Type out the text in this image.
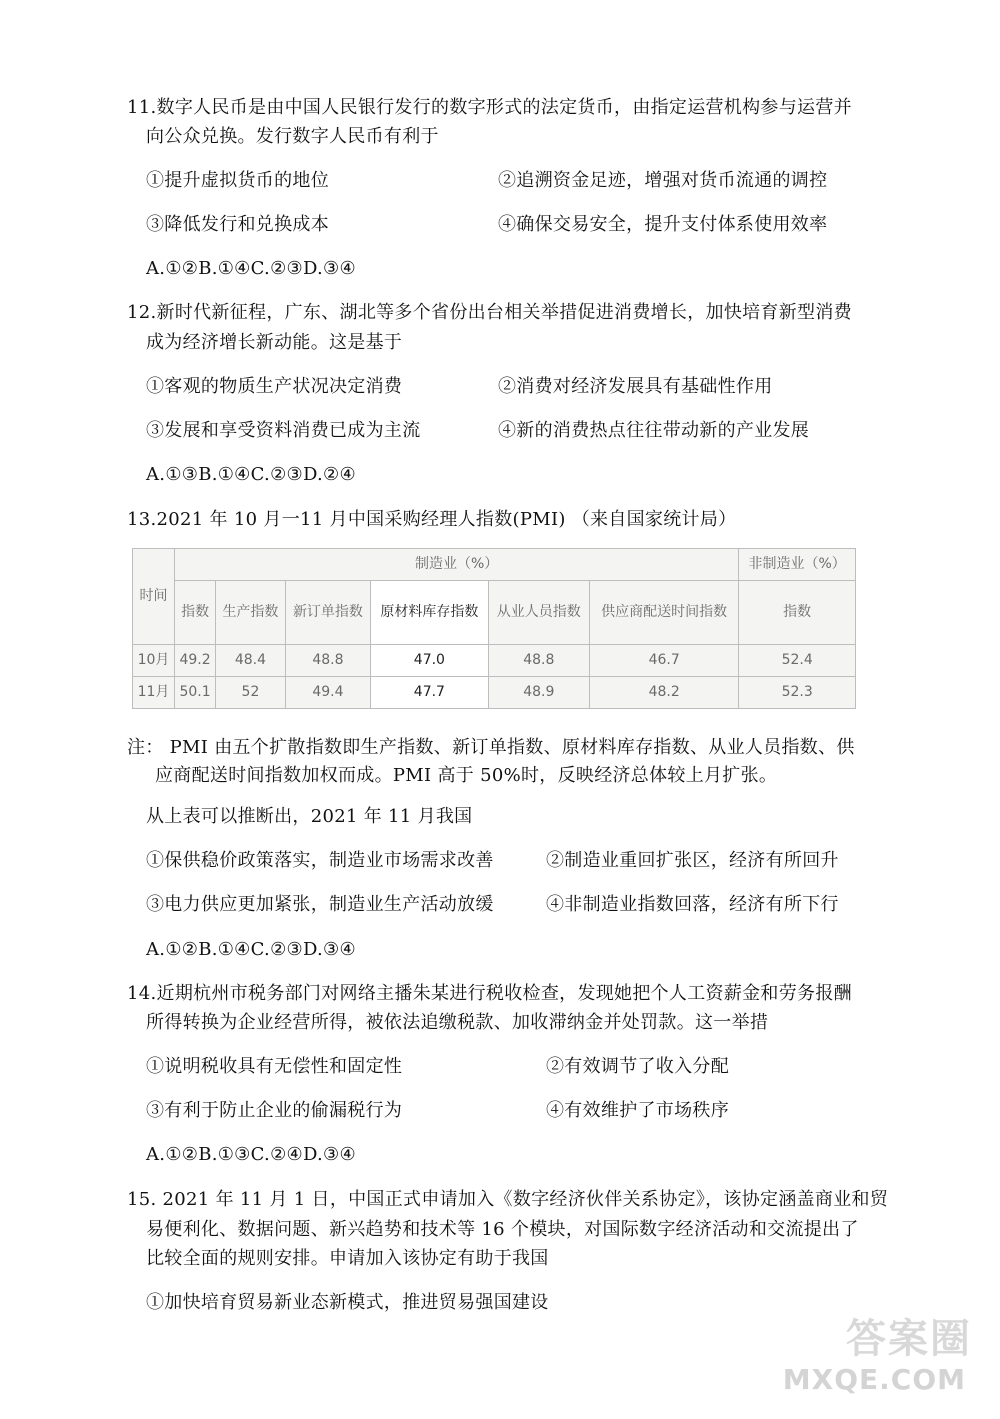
11.数字人民币是由中国人民银行发行的数字形式的法定货币，由指定运营机构参与运营并
向公众兑换。发行数字人民币有利于
①提升虚拟货币的地位	②追溯资金足迹，增强对货币流通的调控
③降低发行和兑换成本	④确保交易安全，提升支付体系使用效率
A.①②B.①④C.②③D.③④
12.新时代新征程，广东、湖北等多个省份出台相关举措促进消费增长，加快培育新型消费
成为经济增长新动能。这是基于
①客观的物质生产状况决定消费	②消费对经济发展具有基础性作用
③发展和享受资料消费已成为主流	④新的消费热点往往带动新的产业发展
A.①③B.①④C.②③D.②④
13.2021 年 10 月一11 月中国采购经理人指数(PMI) （来自国家统计局）
时间	制造业（%）						非制造业（%）
	指数	生产指数	新订单指数	原材料库存指数	从业人员指数	供应商配送时间指数	指数
10月	49.2	48.4	48.8	47.0	48.8	46.7	52.4
11月	50.1	52	49.4	47.7	48.9	48.2	52.3
注： PMI 由五个扩散指数即生产指数、新订单指数、原材料库存指数、从业人员指数、供
应商配送时间指数加权而成。PMI 高于 50%时，反映经济总体较上月扩张。
从上表可以推断出，2021 年 11 月我国
①保供稳价政策落实，制造业市场需求改善	②制造业重回扩张区，经济有所回升
③电力供应更加紧张，制造业生产活动放缓	④非制造业指数回落，经济有所下行
A.①②B.①④C.②③D.③④
14.近期杭州市税务部门对网络主播朱某进行税收检查，发现她把个人工资薪金和劳务报酬
所得转换为企业经营所得，被依法追缴税款、加收滞纳金并处罚款。这一举措
①说明税收具有无偿性和固定性	②有效调节了收入分配
③有利于防止企业的偷漏税行为	④有效维护了市场秩序
A.①②B.①③C.②④D.③④
15. 2021 年 11 月 1 日，中国正式申请加入《数字经济伙伴关系协定》，该协定涵盖商业和贸
易便利化、数据问题、新兴趋势和技术等 16 个模块，对国际数字经济活动和交流提出了
比较全面的规则安排。申请加入该协定有助于我国
①加快培育贸易新业态新模式，推进贸易强国建设
答案圈
MXQE.COM
